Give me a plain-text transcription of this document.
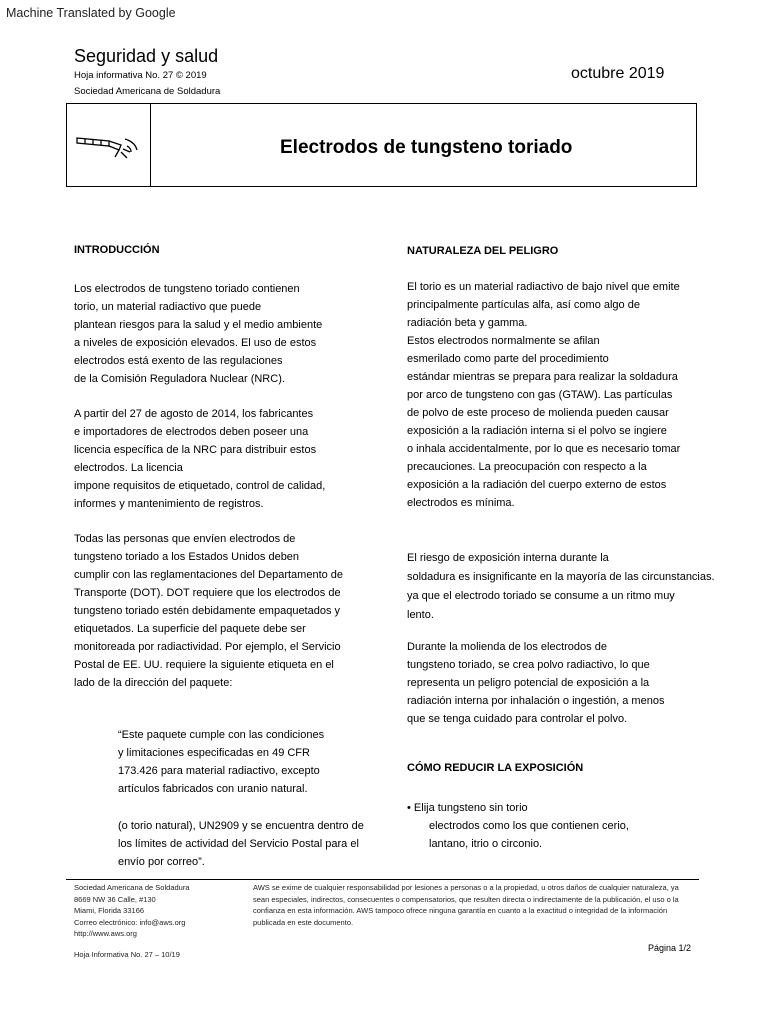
Machine Translated by Google
Seguridad y salud
Hoja informativa No. 27 © 2019
Sociedad Americana de Soldadura
octubre 2019
Electrodos de tungsteno toriado
INTRODUCCIÓN
Los electrodos de tungsteno toriado contienen
torio, un material radiactivo que puede
plantean riesgos para la salud y el medio ambiente
a niveles de exposición elevados. El uso de estos
electrodos está exento de las regulaciones
de la Comisión Reguladora Nuclear (NRC).
A partir del 27 de agosto de 2014, los fabricantes
e importadores de electrodos deben poseer una
licencia específica de la NRC para distribuir estos
electrodos. La licencia
impone requisitos de etiquetado, control de calidad,
informes y mantenimiento de registros.
Todas las personas que envíen electrodos de
tungsteno toriado a los Estados Unidos deben
cumplir con las reglamentaciones del Departamento de
Transporte (DOT). DOT requiere que los electrodos de
tungsteno toriado estén debidamente empaquetados y
etiquetados. La superficie del paquete debe ser
monitoreada por radiactividad. Por ejemplo, el Servicio
Postal de EE. UU. requiere la siguiente etiqueta en el
lado de la dirección del paquete:
“Este paquete cumple con las condiciones
y limitaciones especificadas en 49 CFR
173.426 para material radiactivo, excepto
artículos fabricados con uranio natural.
(o torio natural), UN2909 y se encuentra dentro de
los límites de actividad del Servicio Postal para el
envío por correo”.
NATURALEZA DEL PELIGRO
El torio es un material radiactivo de bajo nivel que emite
principalmente partículas alfa, así como algo de
radiación beta y gamma.
Estos electrodos normalmente se afilan
esmerilado como parte del procedimiento
estándar mientras se prepara para realizar la soldadura
por arco de tungsteno con gas (GTAW). Las partículas
de polvo de este proceso de molienda pueden causar
exposición a la radiación interna si el polvo se ingiere
o inhala accidentalmente, por lo que es necesario tomar
precauciones. La preocupación con respecto a la
exposición a la radiación del cuerpo externo de estos
electrodos es mínima.
El riesgo de exposición interna durante la
soldadura es insignificante en la mayoría de las circunstancias.
ya que el electrodo toriado se consume a un ritmo muy
lento.
Durante la molienda de los electrodos de
tungsteno toriado, se crea polvo radiactivo, lo que
representa un peligro potencial de exposición a la
radiación interna por inhalación o ingestión, a menos
que se tenga cuidado para controlar el polvo.
CÓMO REDUCIR LA EXPOSICIÓN
• Elija tungsteno sin torio
electrodos como los que contienen cerio,
lantano, itrio o circonio.
Sociedad Americana de Soldadura
8669 NW 36 Calle, #130
Miami, Florida 33166
Correo electrónico: info@aws.org
http://www.aws.org
AWS se exime de cualquier responsabilidad por lesiones a personas o a la propiedad, u otros daños de cualquier naturaleza, ya
sean especiales, indirectos, consecuentes o compensatorios, que resulten directa o indirectamente de la publicación, el uso o la
confianza en esta información. AWS tampoco ofrece ninguna garantía en cuanto a la exactitud o integridad de la información
publicada en este documento.
Hoja Informativa No. 27 – 10/19
Página 1/2
